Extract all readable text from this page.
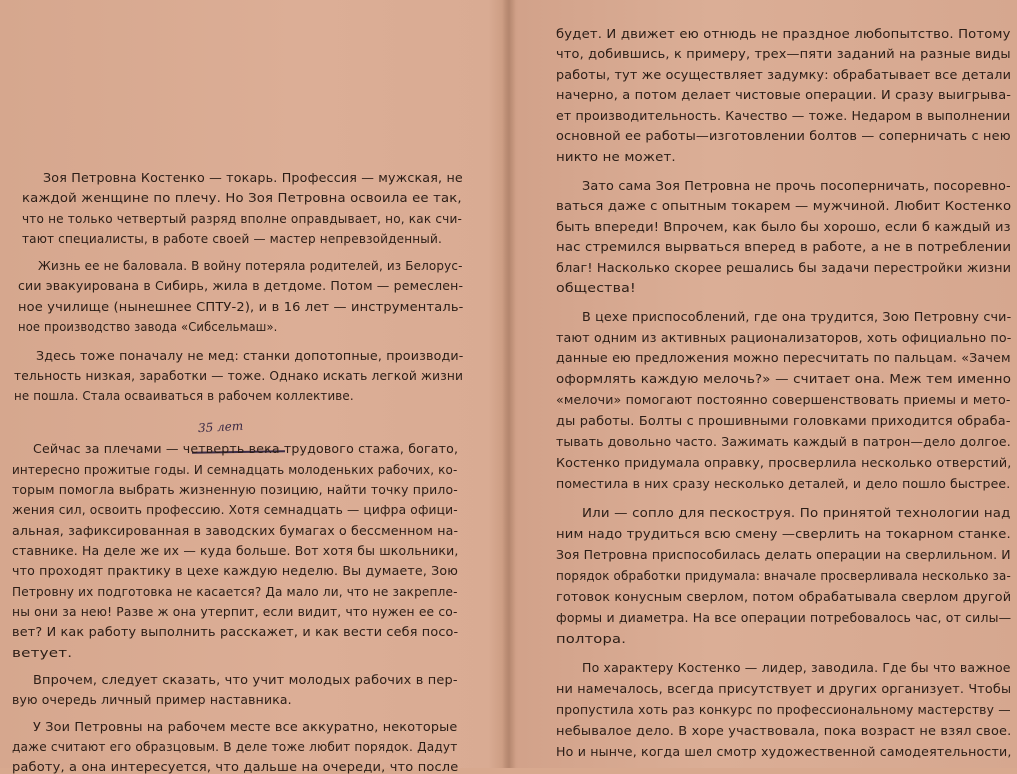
Зоя Петровна Костенко — токарь. Профессия — мужская, не
каждой женщине по плечу. Но Зоя Петровна освоила ее так,
что не только четвертый разряд вполне оправдывает, но, как счи-
тают специалисты, в работе своей — мастер непревзойденный.
Жизнь ее не баловала. В войну потеряла родителей, из Белорус-
сии эвакуирована в Сибирь, жила в детдоме. Потом — ремеслен-
ное училище (нынешнее СПТУ-2), и в 16 лет — инструменталь-
ное производство завода «Сибсельмаш».
Здесь тоже поначалу не мед: станки допотопные, производи-
тельность низкая, заработки — тоже. Однако искать легкой жизни
не пошла. Стала осваиваться в рабочем коллективе.
35 лет
Сейчас за плечами — четверть века трудового стажа, богато,
интересно прожитые годы. И семнадцать молоденьких рабочих, ко-
торым помогла выбрать жизненную позицию, найти точку прило-
жения сил, освоить профессию. Хотя семнадцать — цифра офици-
альная, зафиксированная в заводских бумагах о бессменном на-
ставнике. На деле же их — куда больше. Вот хотя бы школьники,
что проходят практику в цехе каждую неделю. Вы думаете, Зою
Петровну их подготовка не касается? Да мало ли, что не закрепле-
ны они за нею! Разве ж она утерпит, если видит, что нужен ее со-
вет? И как работу выполнить расскажет, и как вести себя посо-
ветует.
Впрочем, следует сказать, что учит молодых рабочих в пер-
вую очередь личный пример наставника.
У Зои Петровны на рабочем месте все аккуратно, некоторые
даже считают его образцовым. В деле тоже любит порядок. Дадут
работу, а она интересуется, что дальше на очереди, что после
будет. И движет ею отнюдь не праздное любопытство. Потому
что, добившись, к примеру, трех—пяти заданий на разные виды
работы, тут же осуществляет задумку: обрабатывает все детали
начерно, а потом делает чистовые операции. И сразу выигрыва-
ет производительность. Качество — тоже. Недаром в выполнении
основной ее работы—изготовлении болтов — соперничать с нею
никто не может.
Зато сама Зоя Петровна не прочь посоперничать, посоревно-
ваться даже с опытным токарем — мужчиной. Любит Костенко
быть впереди! Впрочем, как было бы хорошо, если б каждый из
нас стремился вырваться вперед в работе, а не в потреблении
благ! Насколько скорее решались бы задачи перестройки жизни
общества!
В цехе приспособлений, где она трудится, Зою Петровну счи-
тают одним из активных рационализаторов, хоть официально по-
данные ею предложения можно пересчитать по пальцам. «Зачем
оформлять каждую мелочь?» — считает она. Меж тем именно
«мелочи» помогают постоянно совершенствовать приемы и мето-
ды работы. Болты с прошивными головками приходится обраба-
тывать довольно часто. Зажимать каждый в патрон—дело долгое.
Костенко придумала оправку, просверлила несколько отверстий,
поместила в них сразу несколько деталей, и дело пошло быстрее.
Или — сопло для пескоструя. По принятой технологии над
ним надо трудиться всю смену —сверлить на токарном станке.
Зоя Петровна приспособилась делать операции на сверлильном. И
порядок обработки придумала: вначале просверливала несколько за-
готовок конусным сверлом, потом обрабатывала сверлом другой
формы и диаметра. На все операции потребовалось час, от силы—
полтора.
По характеру Костенко — лидер, заводила. Где бы что важное
ни намечалось, всегда присутствует и других организует. Чтобы
пропустила хоть раз конкурс по профессиональному мастерству —
небывалое дело. В хоре участвовала, пока возраст не взял свое.
Но и нынче, когда шел смотр художественной самодеятельности,
